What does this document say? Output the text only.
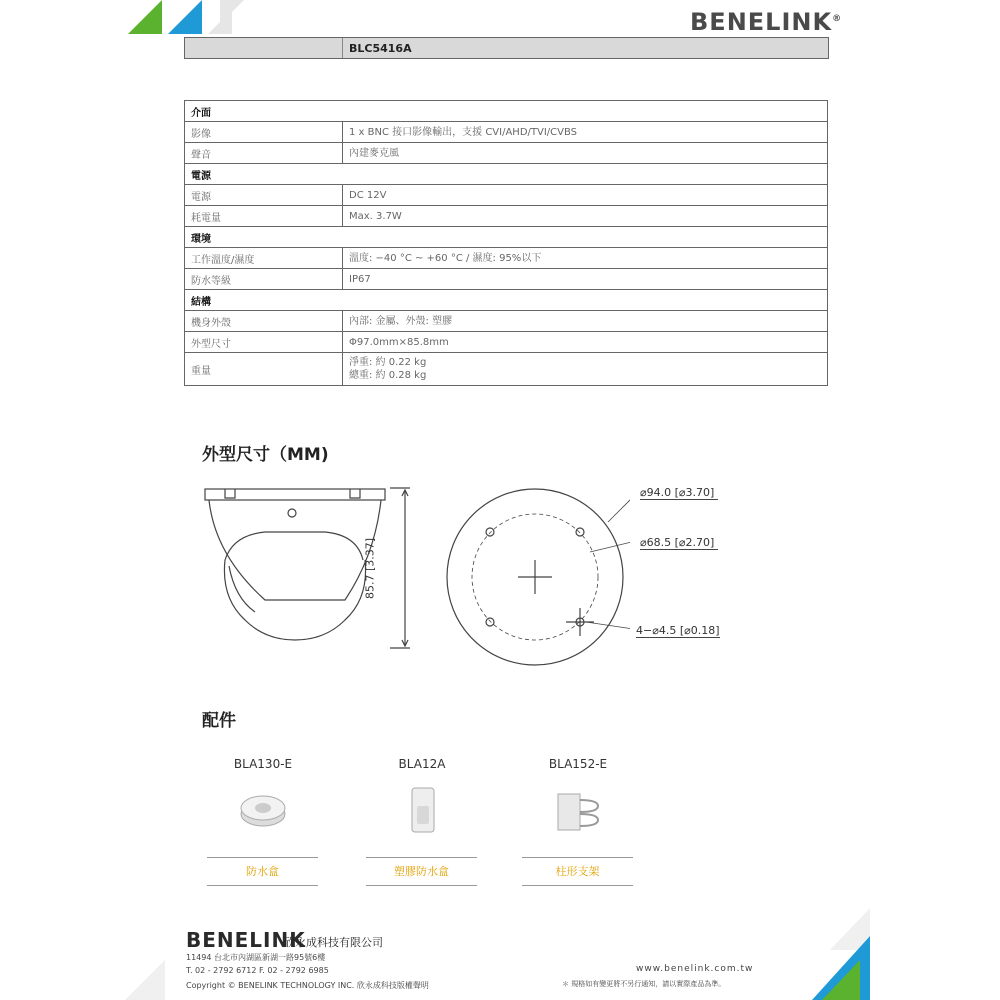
BENELINK®
BLC5416A
介面	
影像	1 x BNC 接口影像輸出，支援 CVI/AHD/TVI/CVBS
聲音	內建麥克風
電源	
電源	DC 12V
耗電量	Max. 3.7W
環境	
工作溫度/濕度	溫度: −40 °C ~ +60 °C / 濕度: 95%以下
防水等級	IP67
結構	
機身外殼	內部: 金屬、外殼: 塑膠
外型尺寸	Φ97.0mm×85.8mm
重量	淨重: 約 0.22 kg
總重: 約 0.28 kg
外型尺寸（MM)
85.7 [3.37]
⌀94.0 [⌀3.70]
⌀68.5 [⌀2.70]
4−⌀4.5 [⌀0.18]
配件
BLA130-E	BLA12A	BLA152-E
防水盒	塑膠防水盒	柱形支架
BENELINK
欣永成科技有限公司
11494 台北市內湖區新湖一路95號6樓
T. 02 - 2792 6712 F. 02 - 2792 6985
Copyright © BENELINK TECHNOLOGY INC. 欣永成科技版權聲明
www.benelink.com.tw
＊ 規格如有變更將不另行通知，請以實際產品為準。
